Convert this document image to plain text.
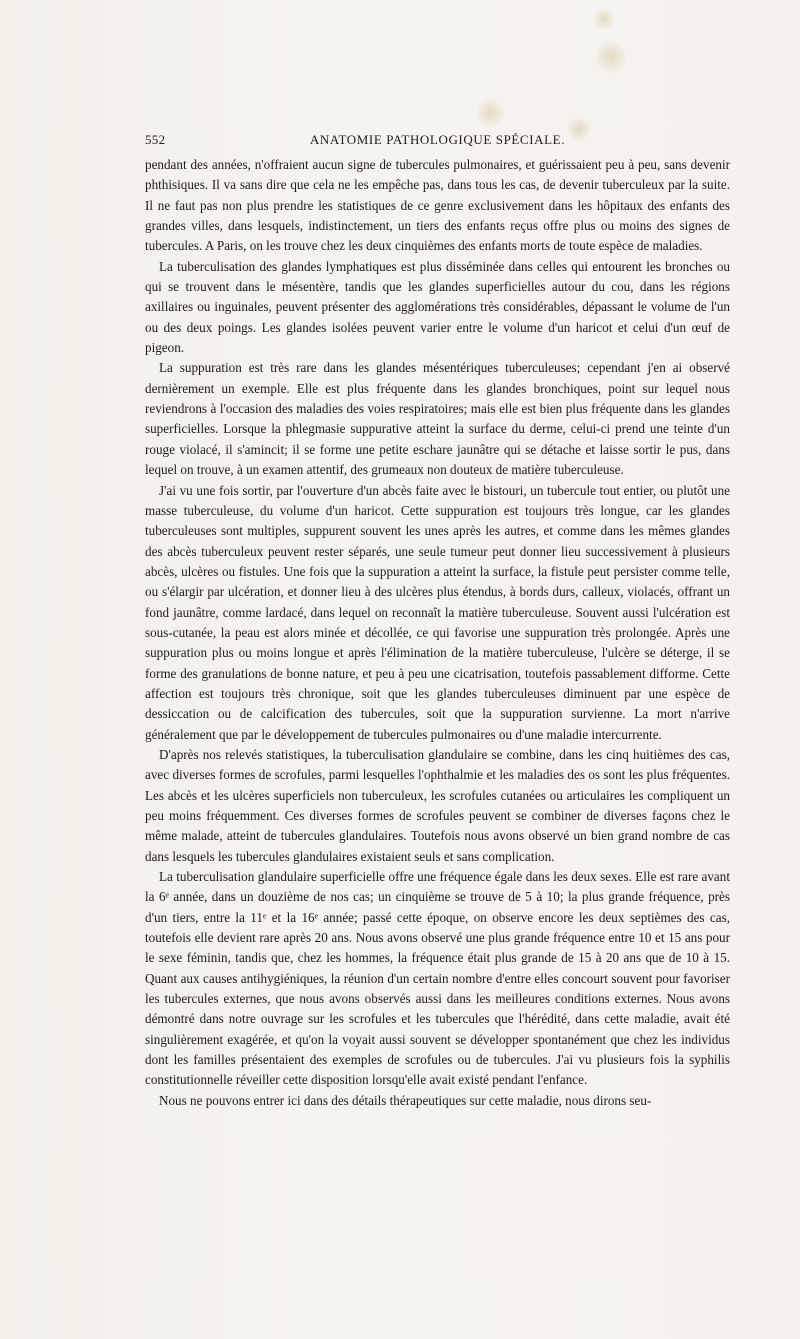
552	ANATOMIE PATHOLOGIQUE SPÉCIALE.

pendant des années, n'offraient aucun signe de tubercules pulmonaires, et guérissaient peu à peu, sans devenir phthisiques. Il va sans dire que cela ne les empêche pas, dans tous les cas, de devenir tuberculeux par la suite. Il ne faut pas non plus prendre les statistiques de ce genre exclusivement dans les hôpitaux des enfants des grandes villes, dans lesquels, indistinctement, un tiers des enfants reçus offre plus ou moins des signes de tubercules. A Paris, on les trouve chez les deux cinquièmes des enfants morts de toute espèce de maladies.

La tuberculisation des glandes lymphatiques est plus disséminée dans celles qui entourent les bronches ou qui se trouvent dans le mésentère, tandis que les glandes superficielles autour du cou, dans les régions axillaires ou inguinales, peuvent présenter des agglomérations très considérables, dépassant le volume de l'un ou des deux poings. Les glandes isolées peuvent varier entre le volume d'un haricot et celui d'un œuf de pigeon.

La suppuration est très rare dans les glandes mésentériques tuberculeuses; cependant j'en ai observé dernièrement un exemple. Elle est plus fréquente dans les glandes bronchiques, point sur lequel nous reviendrons à l'occasion des maladies des voies respiratoires; mais elle est bien plus fréquente dans les glandes superficielles. Lorsque la phlegmasie suppurative atteint la surface du derme, celui-ci prend une teinte d'un rouge violacé, il s'amincit; il se forme une petite eschare jaunâtre qui se détache et laisse sortir le pus, dans lequel on trouve, à un examen attentif, des grumeaux non douteux de matière tuberculeuse.

J'ai vu une fois sortir, par l'ouverture d'un abcès faite avec le bistouri, un tubercule tout entier, ou plutôt une masse tuberculeuse, du volume d'un haricot. Cette suppuration est toujours très longue, car les glandes tuberculeuses sont multiples, suppurent souvent les unes après les autres, et comme dans les mêmes glandes des abcès tuberculeux peuvent rester séparés, une seule tumeur peut donner lieu successivement à plusieurs abcès, ulcères ou fistules. Une fois que la suppuration a atteint la surface, la fistule peut persister comme telle, ou s'élargir par ulcération, et donner lieu à des ulcères plus étendus, à bords durs, calleux, violacés, offrant un fond jaunâtre, comme lardacé, dans lequel on reconnaît la matière tuberculeuse. Souvent aussi l'ulcération est sous-cutanée, la peau est alors minée et décollée, ce qui favorise une suppuration très prolongée. Après une suppuration plus ou moins longue et après l'élimination de la matière tuberculeuse, l'ulcère se déterge, il se forme des granulations de bonne nature, et peu à peu une cicatrisation, toutefois passablement difforme. Cette affection est toujours très chronique, soit que les glandes tuberculeuses diminuent par une espèce de dessiccation ou de calcification des tubercules, soit que la suppuration survienne. La mort n'arrive généralement que par le développement de tubercules pulmonaires ou d'une maladie intercurrente.

D'après nos relevés statistiques, la tuberculisation glandulaire se combine, dans les cinq huitièmes des cas, avec diverses formes de scrofules, parmi lesquelles l'ophthalmie et les maladies des os sont les plus fréquentes. Les abcès et les ulcères superficiels non tuberculeux, les scrofules cutanées ou articulaires les compliquent un peu moins fréquemment. Ces diverses formes de scrofules peuvent se combiner de diverses façons chez le même malade, atteint de tubercules glandulaires. Toutefois nous avons observé un bien grand nombre de cas dans lesquels les tubercules glandulaires existaient seuls et sans complication.

La tuberculisation glandulaire superficielle offre une fréquence égale dans les deux sexes. Elle est rare avant la 6ᵉ année, dans un douzième de nos cas; un cinquième se trouve de 5 à 10; la plus grande fréquence, près d'un tiers, entre la 11ᵉ et la 16ᵉ année; passé cette époque, on observe encore les deux septièmes des cas, toutefois elle devient rare après 20 ans. Nous avons observé une plus grande fréquence entre 10 et 15 ans pour le sexe féminin, tandis que, chez les hommes, la fréquence était plus grande de 15 à 20 ans que de 10 à 15. Quant aux causes antihygiéniques, la réunion d'un certain nombre d'entre elles concourt souvent pour favoriser les tubercules externes, que nous avons observés aussi dans les meilleures conditions externes. Nous avons démontré dans notre ouvrage sur les scrofules et les tubercules que l'hérédité, dans cette maladie, avait été singulièrement exagérée, et qu'on la voyait aussi souvent se développer spontanément que chez les individus dont les familles présentaient des exemples de scrofules ou de tubercules. J'ai vu plusieurs fois la syphilis constitutionnelle réveiller cette disposition lorsqu'elle avait existé pendant l'enfance.

Nous ne pouvons entrer ici dans des détails thérapeutiques sur cette maladie, nous dirons seu-
